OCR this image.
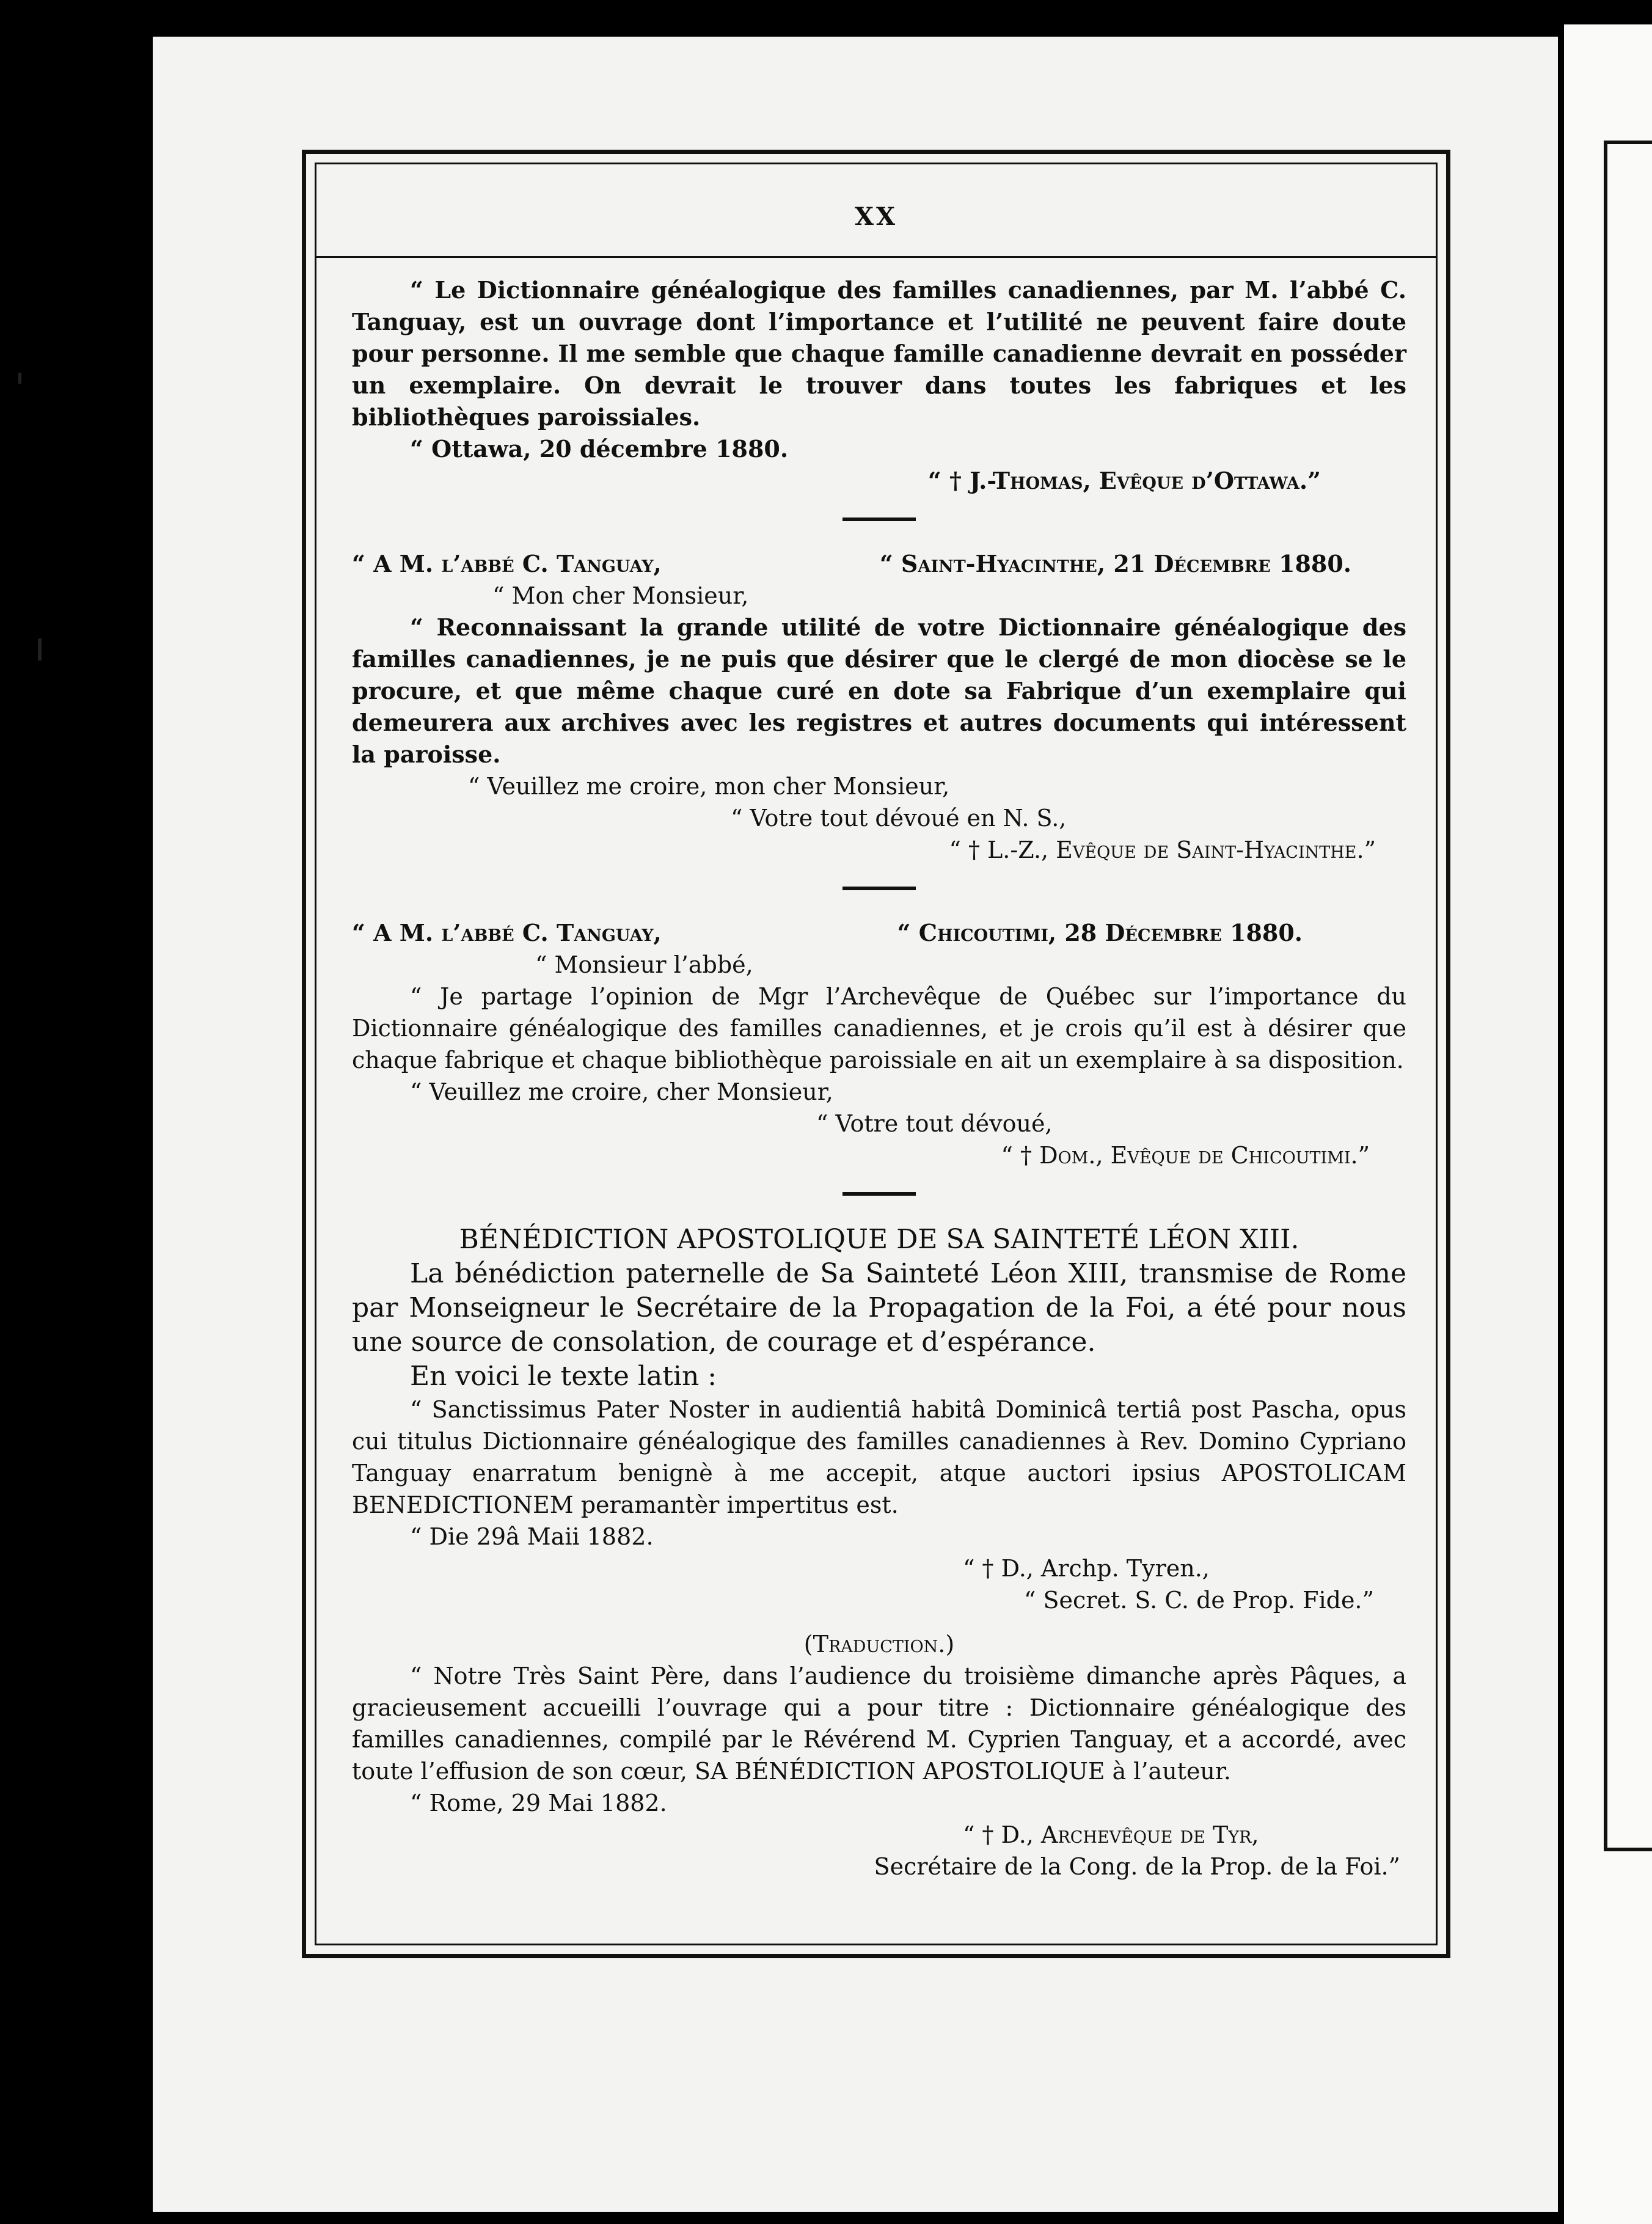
XX

“ Le Dictionnaire généalogique des familles canadiennes, par M. l’abbé C. Tanguay, est un ouvrage dont l’importance et l’utilité ne peuvent faire doute pour personne. Il me semble que chaque famille canadienne devrait en posséder un exemplaire. On devrait le trouver dans toutes les fabriques et les bibliothèques paroissiales.

“ Ottawa, 20 décembre 1880.

“ † J.-Thomas, Evêque d’Ottawa.”

“ A M. l’abbé C. Tanguay,	“ Saint-Hyacinthe, 21 Décembre 1880.

“ Mon cher Monsieur,

“ Reconnaissant la grande utilité de votre Dictionnaire généalogique des familles canadiennes, je ne puis que désirer que le clergé de mon diocèse se le procure, et que même chaque curé en dote sa Fabrique d’un exemplaire qui demeurera aux archives avec les registres et autres documents qui intéressent la paroisse.

“ Veuillez me croire, mon cher Monsieur,

“ Votre tout dévoué en N. S.,

“ † L.-Z., Evêque de Saint-Hyacinthe.”

“ A M. l’abbé C. Tanguay,	“ Chicoutimi, 28 Décembre 1880.

“ Monsieur l’abbé,

“ Je partage l’opinion de Mgr l’Archevêque de Québec sur l’importance du Dictionnaire généalogique des familles canadiennes, et je crois qu’il est à désirer que chaque fabrique et chaque bibliothèque paroissiale en ait un exemplaire à sa disposition.

“ Veuillez me croire, cher Monsieur,

“ Votre tout dévoué,

“ † Dom., Evêque de Chicoutimi.”

BÉNÉDICTION APOSTOLIQUE DE SA SAINTETÉ LÉON XIII.

La bénédiction paternelle de Sa Sainteté Léon XIII, transmise de Rome par Monseigneur le Secrétaire de la Propagation de la Foi, a été pour nous une source de consolation, de courage et d’espérance.

En voici le texte latin :

“ Sanctissimus Pater Noster in audientiâ habitâ Dominicâ tertiâ post Pascha, opus cui titulus Dictionnaire généalogique des familles canadiennes à Rev. Domino Cypriano Tanguay enarratum benignè à me accepit, atque auctori ipsius APOSTOLICAM BENEDICTIONEM peramantèr impertitus est.

“ Die 29â Maii 1882.

“ † D., Archp. Tyren.,

“ Secret. S. C. de Prop. Fide.”

(Traduction.)

“ Notre Très Saint Père, dans l’audience du troisième dimanche après Pâques, a gracieusement accueilli l’ouvrage qui a pour titre : Dictionnaire généalogique des familles canadiennes, compilé par le Révérend M. Cyprien Tanguay, et a accordé, avec toute l’effusion de son cœur, SA BÉNÉDICTION APOSTOLIQUE à l’auteur.

“ Rome, 29 Mai 1882.

“ † D., Archevêque de Tyr,

Secrétaire de la Cong. de la Prop. de la Foi.”
